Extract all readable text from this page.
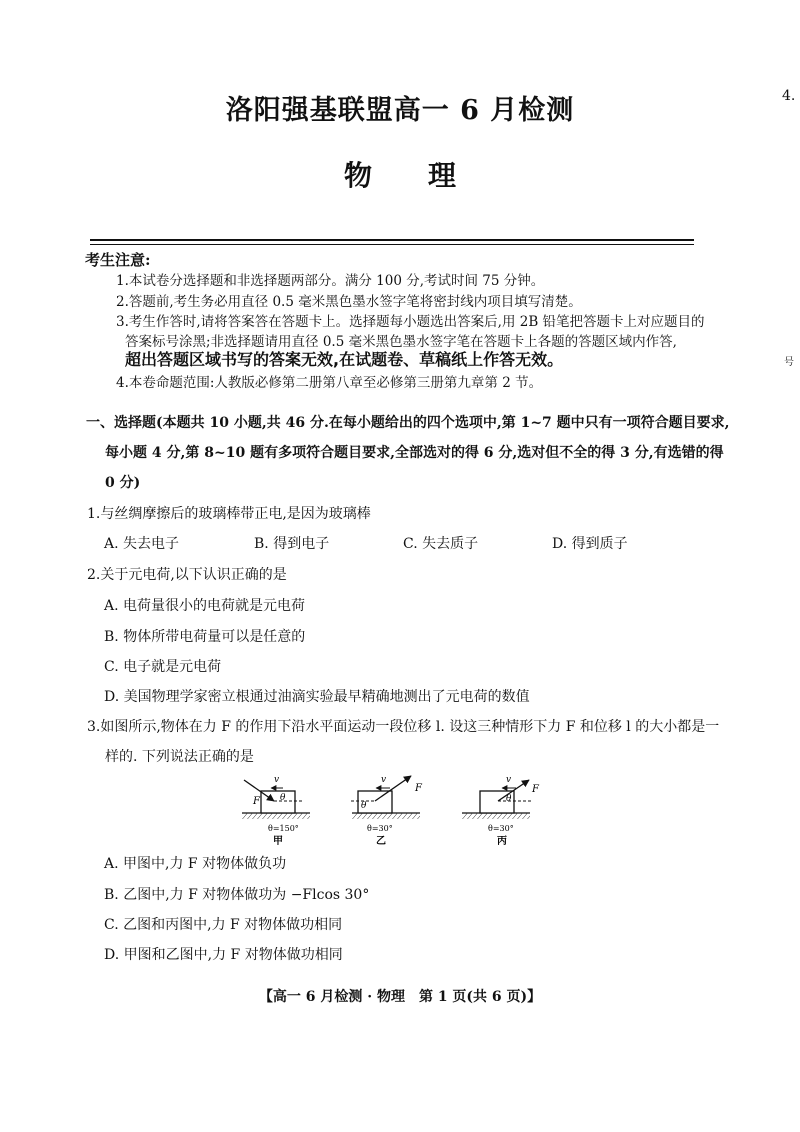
洛阳强基联盟高一 6 月检测
物理
4.
号
考生注意:
1.本试卷分选择题和非选择题两部分。满分 100 分,考试时间 75 分钟。
2.答题前,考生务必用直径 0.5 毫米黑色墨水签字笔将密封线内项目填写清楚。
3.考生作答时,请将答案答在答题卡上。选择题每小题选出答案后,用 2B 铅笔把答题卡上对应题目的
答案标号涂黑;非选择题请用直径 0.5 毫米黑色墨水签字笔在答题卡上各题的答题区域内作答,
超出答题区域书写的答案无效,在试题卷、草稿纸上作答无效。
4.本卷命题范围:人教版必修第二册第八章至必修第三册第九章第 2 节。
一、选择题(本题共 10 小题,共 46 分.在每小题给出的四个选项中,第 1~7 题中只有一项符合题目要求,
每小题 4 分,第 8~10 题有多项符合题目要求,全部选对的得 6 分,选对但不全的得 3 分,有选错的得
0 分)
1.与丝绸摩擦后的玻璃棒带正电,是因为玻璃棒
A. 失去电子	B. 得到电子	C. 失去质子	D. 得到质子
2.关于元电荷,以下认识正确的是
A. 电荷量很小的电荷就是元电荷
B. 物体所带电荷量可以是任意的
C. 电子就是元电荷
D. 美国物理学家密立根通过油滴实验最早精确地测出了元电荷的数值
3.如图所示,物体在力 F 的作用下沿水平面运动一段位移 l. 设这三种情形下力 F 和位移 l 的大小都是一
样的. 下列说法正确的是
v
F θ
θ=150°
甲
v
F
θ
θ=30°
乙
v
F
θ
θ=30°
丙
A. 甲图中,力 F 对物体做负功
B. 乙图中,力 F 对物体做功为 −Flcos 30°
C. 乙图和丙图中,力 F 对物体做功相同
D. 甲图和乙图中,力 F 对物体做功相同
【高一 6 月检测 · 物理　第 1 页(共 6 页)】
